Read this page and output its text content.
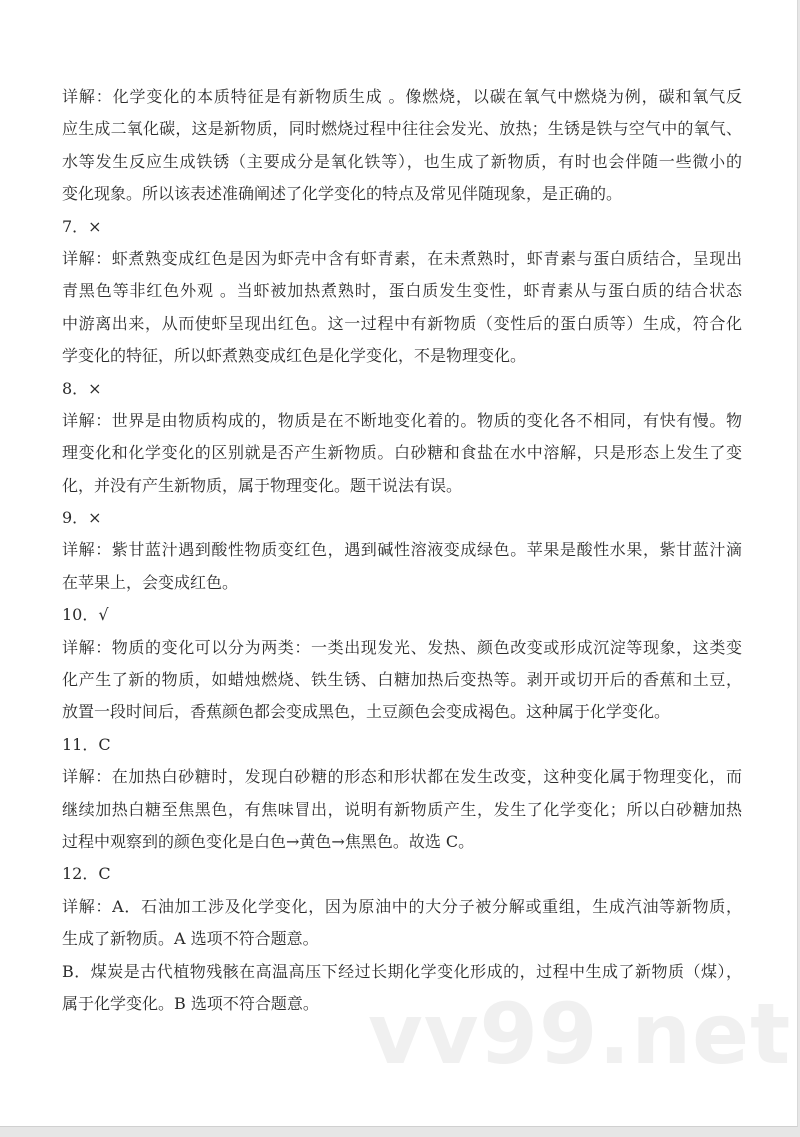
详解：化学变化的本质特征是有新物质生成 。像燃烧，以碳在氧气中燃烧为例，碳和氧气反
应生成二氧化碳，这是新物质，同时燃烧过程中往往会发光、放热；生锈是铁与空气中的氧气、
水等发生反应生成铁锈（主要成分是氧化铁等），也生成了新物质，有时也会伴随一些微小的
变化现象。所以该表述准确阐述了化学变化的特点及常见伴随现象，是正确的。
7．×
详解：虾煮熟变成红色是因为虾壳中含有虾青素，在未煮熟时，虾青素与蛋白质结合，呈现出
青黑色等非红色外观 。当虾被加热煮熟时，蛋白质发生变性，虾青素从与蛋白质的结合状态
中游离出来，从而使虾呈现出红色。这一过程中有新物质（变性后的蛋白质等）生成，符合化
学变化的特征，所以虾煮熟变成红色是化学变化，不是物理变化。
8．×
详解：世界是由物质构成的，物质是在不断地变化着的。物质的变化各不相同，有快有慢。物
理变化和化学变化的区别就是否产生新物质。白砂糖和食盐在水中溶解，只是形态上发生了变
化，并没有产生新物质，属于物理变化。题干说法有误。
9．×
详解：紫甘蓝汁遇到酸性物质变红色，遇到碱性溶液变成绿色。苹果是酸性水果，紫甘蓝汁滴
在苹果上，会变成红色。
10．√
详解：物质的变化可以分为两类：一类出现发光、发热、颜色改变或形成沉淀等现象，这类变
化产生了新的物质，如蜡烛燃烧、铁生锈、白糖加热后变热等。剥开或切开后的香蕉和土豆，
放置一段时间后，香蕉颜色都会变成黑色，土豆颜色会变成褐色。这种属于化学变化。
11．C
详解：在加热白砂糖时，发现白砂糖的形态和形状都在发生改变，这种变化属于物理变化，而
继续加热白糖至焦黑色，有焦味冒出，说明有新物质产生，发生了化学变化；所以白砂糖加热
过程中观察到的颜色变化是白色→黄色→焦黑色。故选 C。
12．C
详解：A．石油加工涉及化学变化，因为原油中的大分子被分解或重组，生成汽油等新物质，
生成了新物质。A 选项不符合题意。
B．煤炭是古代植物残骸在高温高压下经过长期化学变化形成的，过程中生成了新物质（煤），
属于化学变化。B 选项不符合题意。 vv99.net
